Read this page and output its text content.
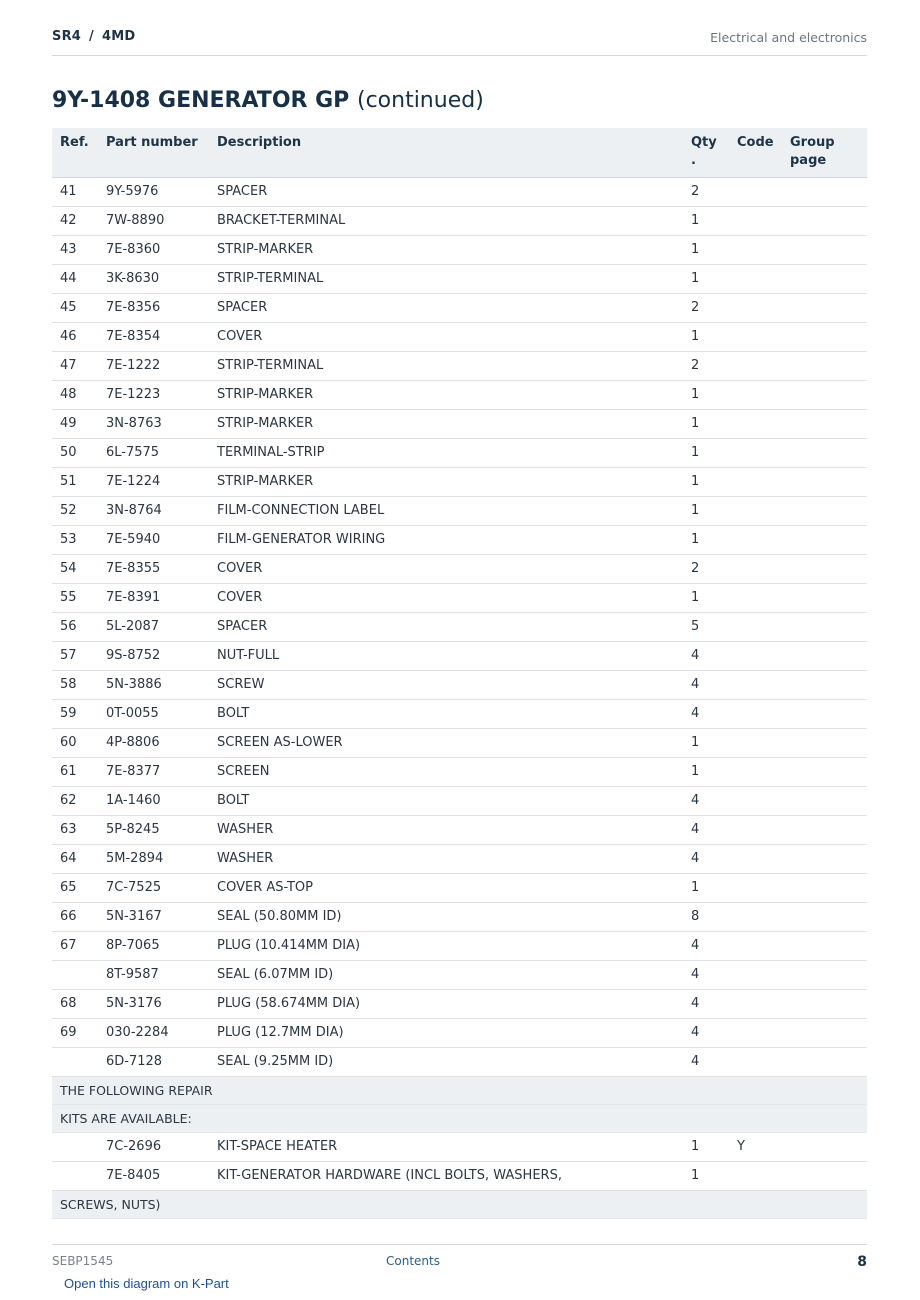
SR4 / 4MD	Electrical and electronics
9Y-1408 GENERATOR GP (continued)
Ref.	Part number	Description	Qty .	Code	Group page
41	9Y-5976	SPACER	2		
42	7W-8890	BRACKET-TERMINAL	1		
43	7E-8360	STRIP-MARKER	1		
44	3K-8630	STRIP-TERMINAL	1		
45	7E-8356	SPACER	2		
46	7E-8354	COVER	1		
47	7E-1222	STRIP-TERMINAL	2		
48	7E-1223	STRIP-MARKER	1		
49	3N-8763	STRIP-MARKER	1		
50	6L-7575	TERMINAL-STRIP	1		
51	7E-1224	STRIP-MARKER	1		
52	3N-8764	FILM-CONNECTION LABEL	1		
53	7E-5940	FILM-GENERATOR WIRING	1		
54	7E-8355	COVER	2		
55	7E-8391	COVER	1		
56	5L-2087	SPACER	5		
57	9S-8752	NUT-FULL	4		
58	5N-3886	SCREW	4		
59	0T-0055	BOLT	4		
60	4P-8806	SCREEN AS-LOWER	1		
61	7E-8377	SCREEN	1		
62	1A-1460	BOLT	4		
63	5P-8245	WASHER	4		
64	5M-2894	WASHER	4		
65	7C-7525	COVER AS-TOP	1		
66	5N-3167	SEAL (50.80MM ID)	8		
67	8P-7065	PLUG (10.414MM DIA)	4		
	8T-9587	SEAL (6.07MM ID)	4		
68	5N-3176	PLUG (58.674MM DIA)	4		
69	030-2284	PLUG (12.7MM DIA)	4		
	6D-7128	SEAL (9.25MM ID)	4		
THE FOLLOWING REPAIR					
KITS ARE AVAILABLE:					
	7C-2696	KIT-SPACE HEATER	1	Y	
	7E-8405	KIT-GENERATOR HARDWARE (INCL BOLTS, WASHERS,	1		
SCREWS, NUTS)					
SEBP1545	Contents	8
Open this diagram on K-Part
